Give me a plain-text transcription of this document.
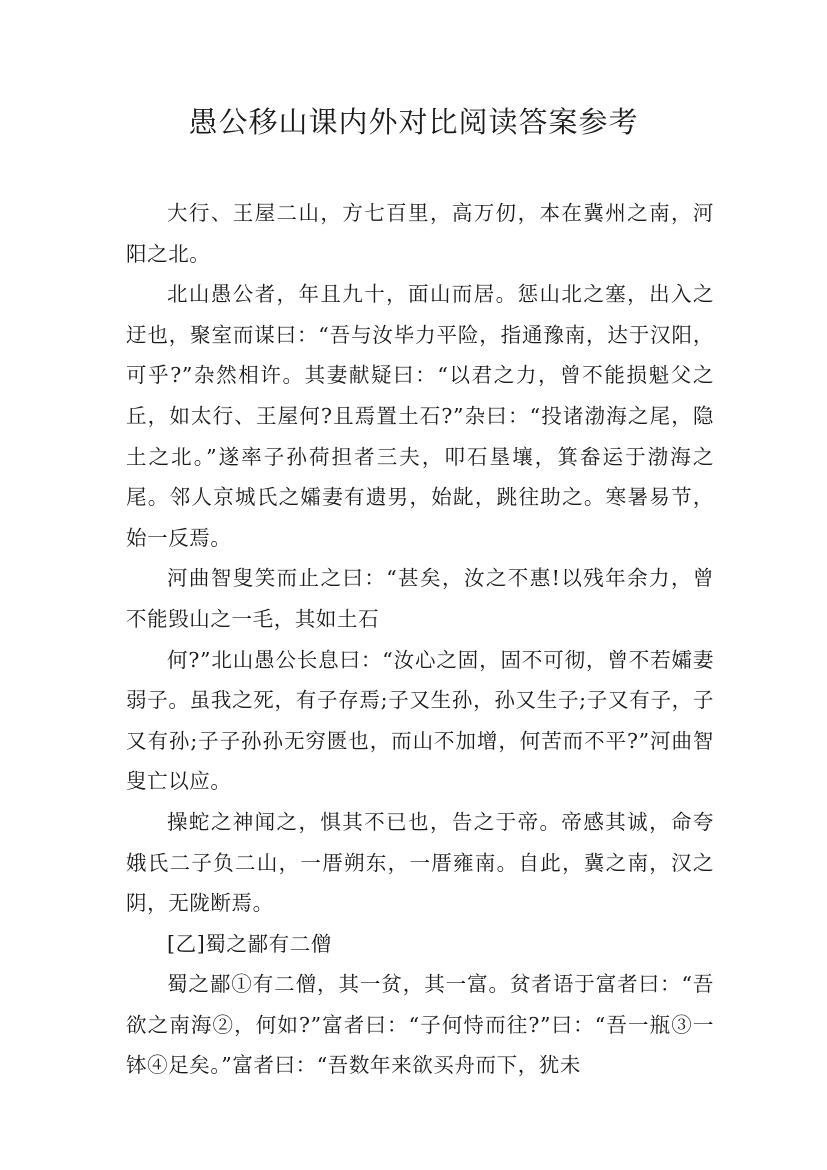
愚公移山课内外对比阅读答案参考

大行、王屋二山，方七百里，高万仞，本在冀州之南，河阳之北。

北山愚公者，年且九十，面山而居。惩山北之塞，出入之迂也，聚室而谋曰：“吾与汝毕力平险，指通豫南，达于汉阳，可乎?”杂然相许。其妻献疑曰：“以君之力，曾不能损魁父之丘，如太行、王屋何?且焉置土石?”杂曰：“投诸渤海之尾，隐土之北。”遂率子孙荷担者三夫，叩石垦壤，箕畚运于渤海之尾。邻人京城氏之孀妻有遗男，始龀，跳往助之。寒暑易节，始一反焉。

河曲智叟笑而止之曰：“甚矣，汝之不惠!以残年余力，曾不能毁山之一毛，其如土石

何?”北山愚公长息曰：“汝心之固，固不可彻，曾不若孀妻弱子。虽我之死，有子存焉;子又生孙，孙又生子;子又有子，子又有孙;子子孙孙无穷匮也，而山不加增，何苦而不平?”河曲智叟亡以应。

操蛇之神闻之，惧其不已也，告之于帝。帝感其诚，命夸娥氏二子负二山，一厝朔东，一厝雍南。自此，冀之南，汉之阴，无陇断焉。

[乙]蜀之鄙有二僧

蜀之鄙①有二僧，其一贫，其一富。贫者语于富者曰：“吾欲之南海②，何如?”富者曰：“子何恃而往?”曰：“吾一瓶③一钵④足矣。”富者曰：“吾数年来欲买舟而下，犹未
